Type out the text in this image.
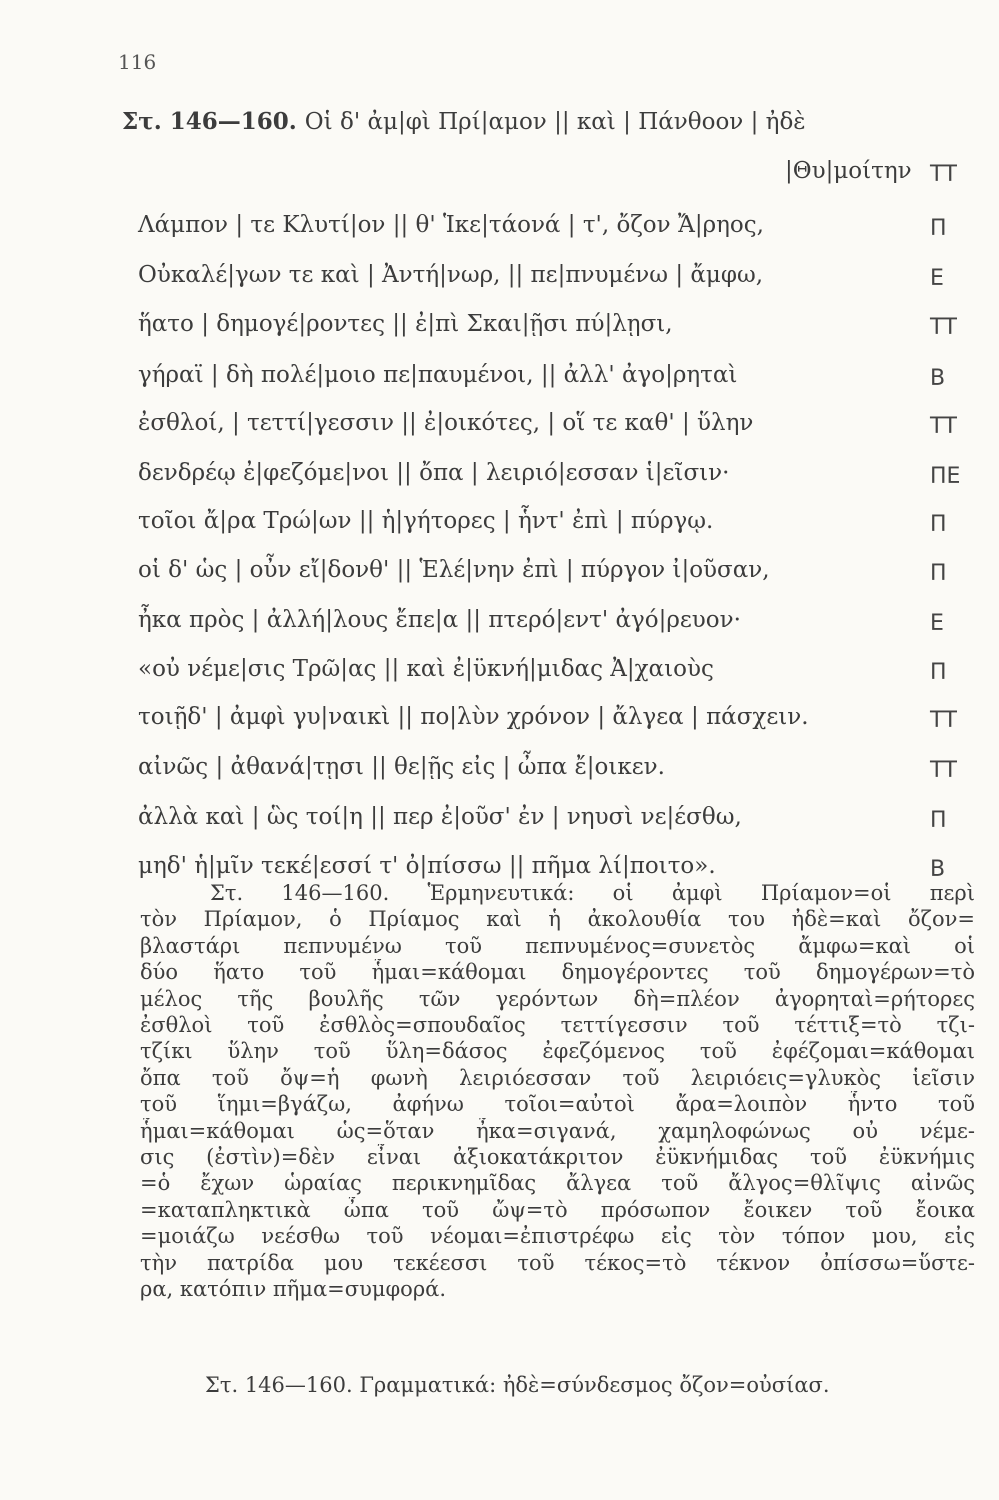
116
Στ. 146—160. Οἱ δ' ἀμ|φὶ Πρί|αμον || καὶ | Πάνθοον | ἠδὲ
|Θυ|μοίτην ΤΤ
Λάμπον | τε Κλυτί|ον || θ' Ἱκε|τάονά | τ', ὄζον Ἄ|ρηος,	Π
Οὐκαλέ|γων τε καὶ | Ἀντή|νωρ, || πε|πνυμένω | ἄμφω,	Ε
ἥατο | δημογέ|ροντες || ἐ|πὶ Σκαι|ῇσι πύ|λῃσι,	ΤΤ
γήραϊ | δὴ πολέ|μοιο πε|παυμένοι, || ἀλλ' ἀγο|ρηταὶ	Β
ἐσθλοί, | τεττί|γεσσιν || ἐ|οικότες, | οἵ τε καθ' | ὕλην	ΤΤ
δενδρέῳ ἐ|φεζόμε|νοι || ὄπα | λειριό|εσσαν ἱ|εῖσιν·	ΠΕ
τοῖοι ἄ|ρα Τρώ|ων || ἡ|γήτορες | ἧντ' ἐπὶ | πύργῳ.	Π
οἱ δ' ὡς | οὖν εἴ|δονθ' || Ἑλέ|νην ἐπὶ | πύργον ἰ|οῦσαν,	Π
ἦκα πρὸς | ἀλλή|λους ἔπε|α || πτερό|εντ' ἀγό|ρευον·	Ε
«οὐ νέμε|σις Τρῶ|ας || καὶ ἐ|ϋκνή|μιδας Ἀ|χαιοὺς	Π
τοιῇδ' | ἀμφὶ γυ|ναικὶ || πο|λὺν χρόνον | ἄλγεα | πάσχειν.	ΤΤ
αἰνῶς | ἀθανά|τῃσι || θε|ῇς εἰς | ὦπα ἔ|οικεν.	ΤΤ
ἀλλὰ καὶ | ὣς τοί|η || περ ἐ|οῦσ' ἐν | νηυσὶ νε|έσθω,	Π
μηδ' ἡ|μῖν τεκέ|εσσί τ' ὀ|πίσσω || πῆμα λί|ποιτο».	Β
Στ. 146—160. Ἑρμηνευτικά: οἱ ἀμφὶ Πρίαμον=οἱ περὶ
τὸν Πρίαμον, ὁ Πρίαμος καὶ ἡ ἀκολουθία του ἠδὲ=καὶ ὄζον=
βλαστάρι πεπνυμένω τοῦ πεπνυμένος=συνετὸς ἄμφω=καὶ οἱ
δύο ἥατο τοῦ ἧμαι=κάθομαι δημογέροντες τοῦ δημογέρων=τὸ
μέλος τῆς βουλῆς τῶν γερόντων δὴ=πλέον ἀγορηταὶ=ρήτορες
ἐσθλοὶ τοῦ ἐσθλὸς=σπουδαῖος τεττίγεσσιν τοῦ τέττιξ=τὸ τζι-
τζίκι ὕλην τοῦ ὕλη=δάσος ἐφεζόμενος τοῦ ἐφέζομαι=κάθομαι
ὄπα τοῦ ὄψ=ἡ φωνὴ λειριόεσσαν τοῦ λειριόεις=γλυκὸς ἱεῖσιν
τοῦ ἵημι=βγάζω, ἀφήνω τοῖοι=αὐτοὶ ἄρα=λοιπὸν ἧντο τοῦ
ἧμαι=κάθομαι ὡς=ὅταν ἦκα=σιγανά, χαμηλοφώνως οὐ νέμε-
σις (ἐστὶν)=δὲν εἶναι ἀξιοκατάκριτον ἐϋκνήμιδας τοῦ ἐϋκνήμις
=ὁ ἔχων ὡραίας περικνημῖδας ἄλγεα τοῦ ἄλγος=θλῖψις αἰνῶς
=καταπληκτικὰ ὦπα τοῦ ὤψ=τὸ πρόσωπον ἔοικεν τοῦ ἔοικα
=μοιάζω νεέσθω τοῦ νέομαι=ἐπιστρέφω εἰς τὸν τόπον μου, εἰς
τὴν πατρίδα μου τεκέεσσι τοῦ τέκος=τὸ τέκνον ὀπίσσω=ὕστε-
ρα, κατόπιν πῆμα=συμφορά.
Στ. 146—160. Γραμματικά: ἠδὲ=σύνδεσμος ὄζον=οὐσίασ.
